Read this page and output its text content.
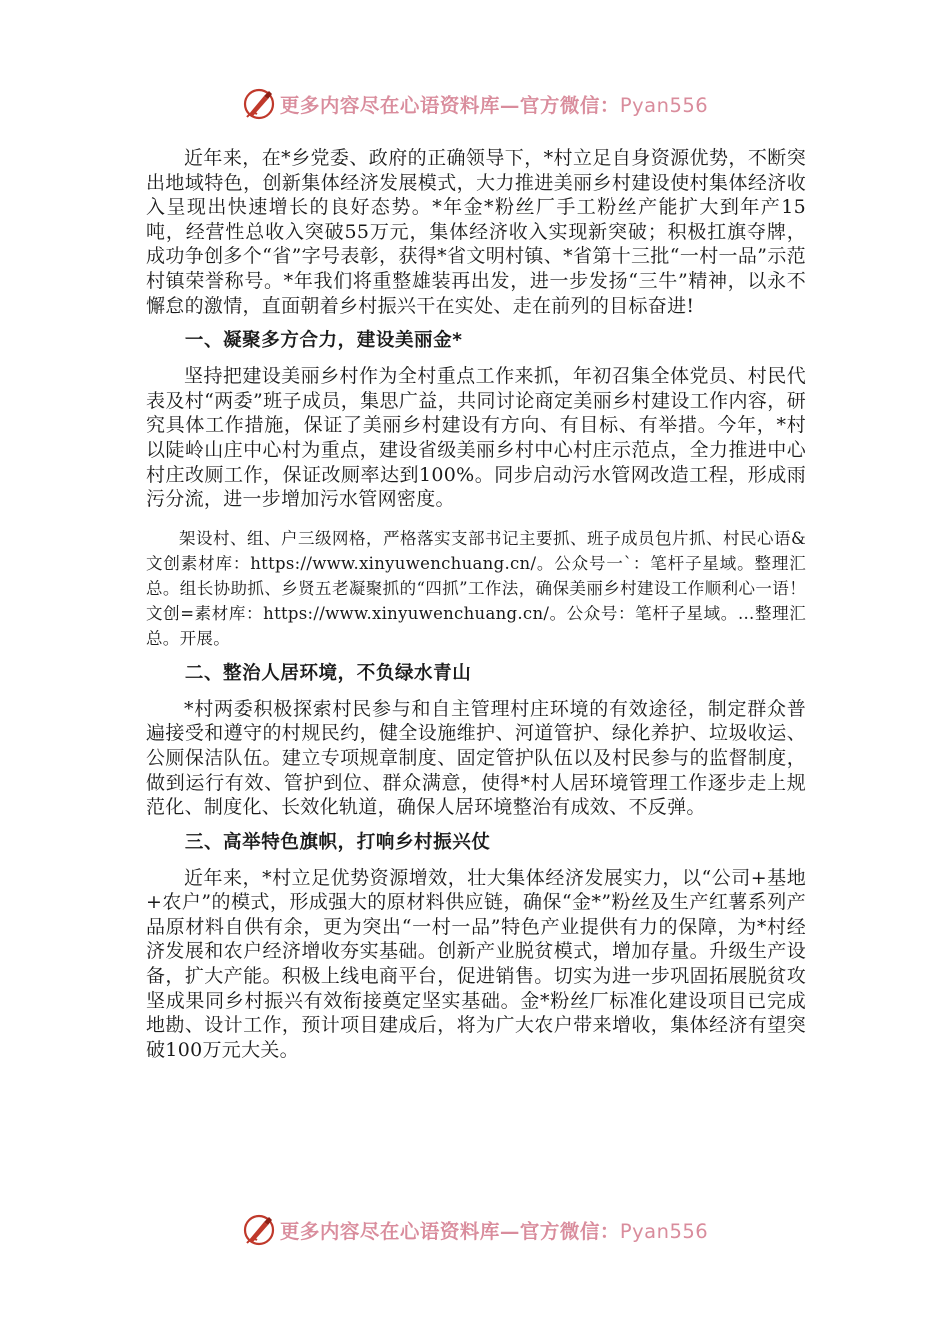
更多内容尽在心语资料库—官方微信：Pyan556

近年来，在*乡党委、政府的正确领导下，*村立足自身资源优势，不断突出地域特色，创新集体经济发展模式，大力推进美丽乡村建设使村集体经济收入呈现出快速增长的良好态势。*年金*粉丝厂手工粉丝产能扩大到年产15吨，经营性总收入突破55万元，集体经济收入实现新突破；积极扛旗夺牌，成功争创多个“省”字号表彰，获得*省文明村镇、*省第十三批“一村一品”示范村镇荣誉称号。*年我们将重整雄装再出发，进一步发扬“三牛”精神，以永不懈怠的激情，直面朝着乡村振兴干在实处、走在前列的目标奋进!

一、凝聚多方合力，建设美丽金*

坚持把建设美丽乡村作为全村重点工作来抓，年初召集全体党员、村民代表及村“两委”班子成员，集思广益，共同讨论商定美丽乡村建设工作内容，研究具体工作措施，保证了美丽乡村建设有方向、有目标、有举措。今年，*村以陡岭山庄中心村为重点，建设省级美丽乡村中心村庄示范点，全力推进中心村庄改厕工作，保证改厕率达到100%。同步启动污水管网改造工程，形成雨污分流，进一步增加污水管网密度。

架设村、组、户三级网格，严格落实支部书记主要抓、班子成员包片抓、村民心语&文创素材库：https://www.xinyuwenchuang.cn/。公众号一`：笔杆子星域。整理汇总。组长协助抓、乡贤五老凝聚抓的“四抓”工作法，确保美丽乡村建设工作顺利心一语！文创=素材库：https://www.xinyuwenchuang.cn/。公众号：笔杆子星域。…整理汇总。开展。

二、整治人居环境，不负绿水青山

*村两委积极探索村民参与和自主管理村庄环境的有效途径，制定群众普遍接受和遵守的村规民约，健全设施维护、河道管护、绿化养护、垃圾收运、公厕保洁队伍。建立专项规章制度、固定管护队伍以及村民参与的监督制度，做到运行有效、管护到位、群众满意，使得*村人居环境管理工作逐步走上规范化、制度化、长效化轨道，确保人居环境整治有成效、不反弹。

三、高举特色旗帜，打响乡村振兴仗

近年来，*村立足优势资源增效，壮大集体经济发展实力，以“公司+基地+农户”的模式，形成强大的原材料供应链，确保“金*”粉丝及生产红薯系列产品原材料自供有余，更为突出“一村一品”特色产业提供有力的保障，为*村经济发展和农户经济增收夯实基础。创新产业脱贫模式，增加存量。升级生产设备，扩大产能。积极上线电商平台，促进销售。切实为进一步巩固拓展脱贫攻坚成果同乡村振兴有效衔接奠定坚实基础。金*粉丝厂标准化建设项目已完成地勘、设计工作，预计项目建成后，将为广大农户带来增收，集体经济有望突破100万元大关。

更多内容尽在心语资料库—官方微信：Pyan556
